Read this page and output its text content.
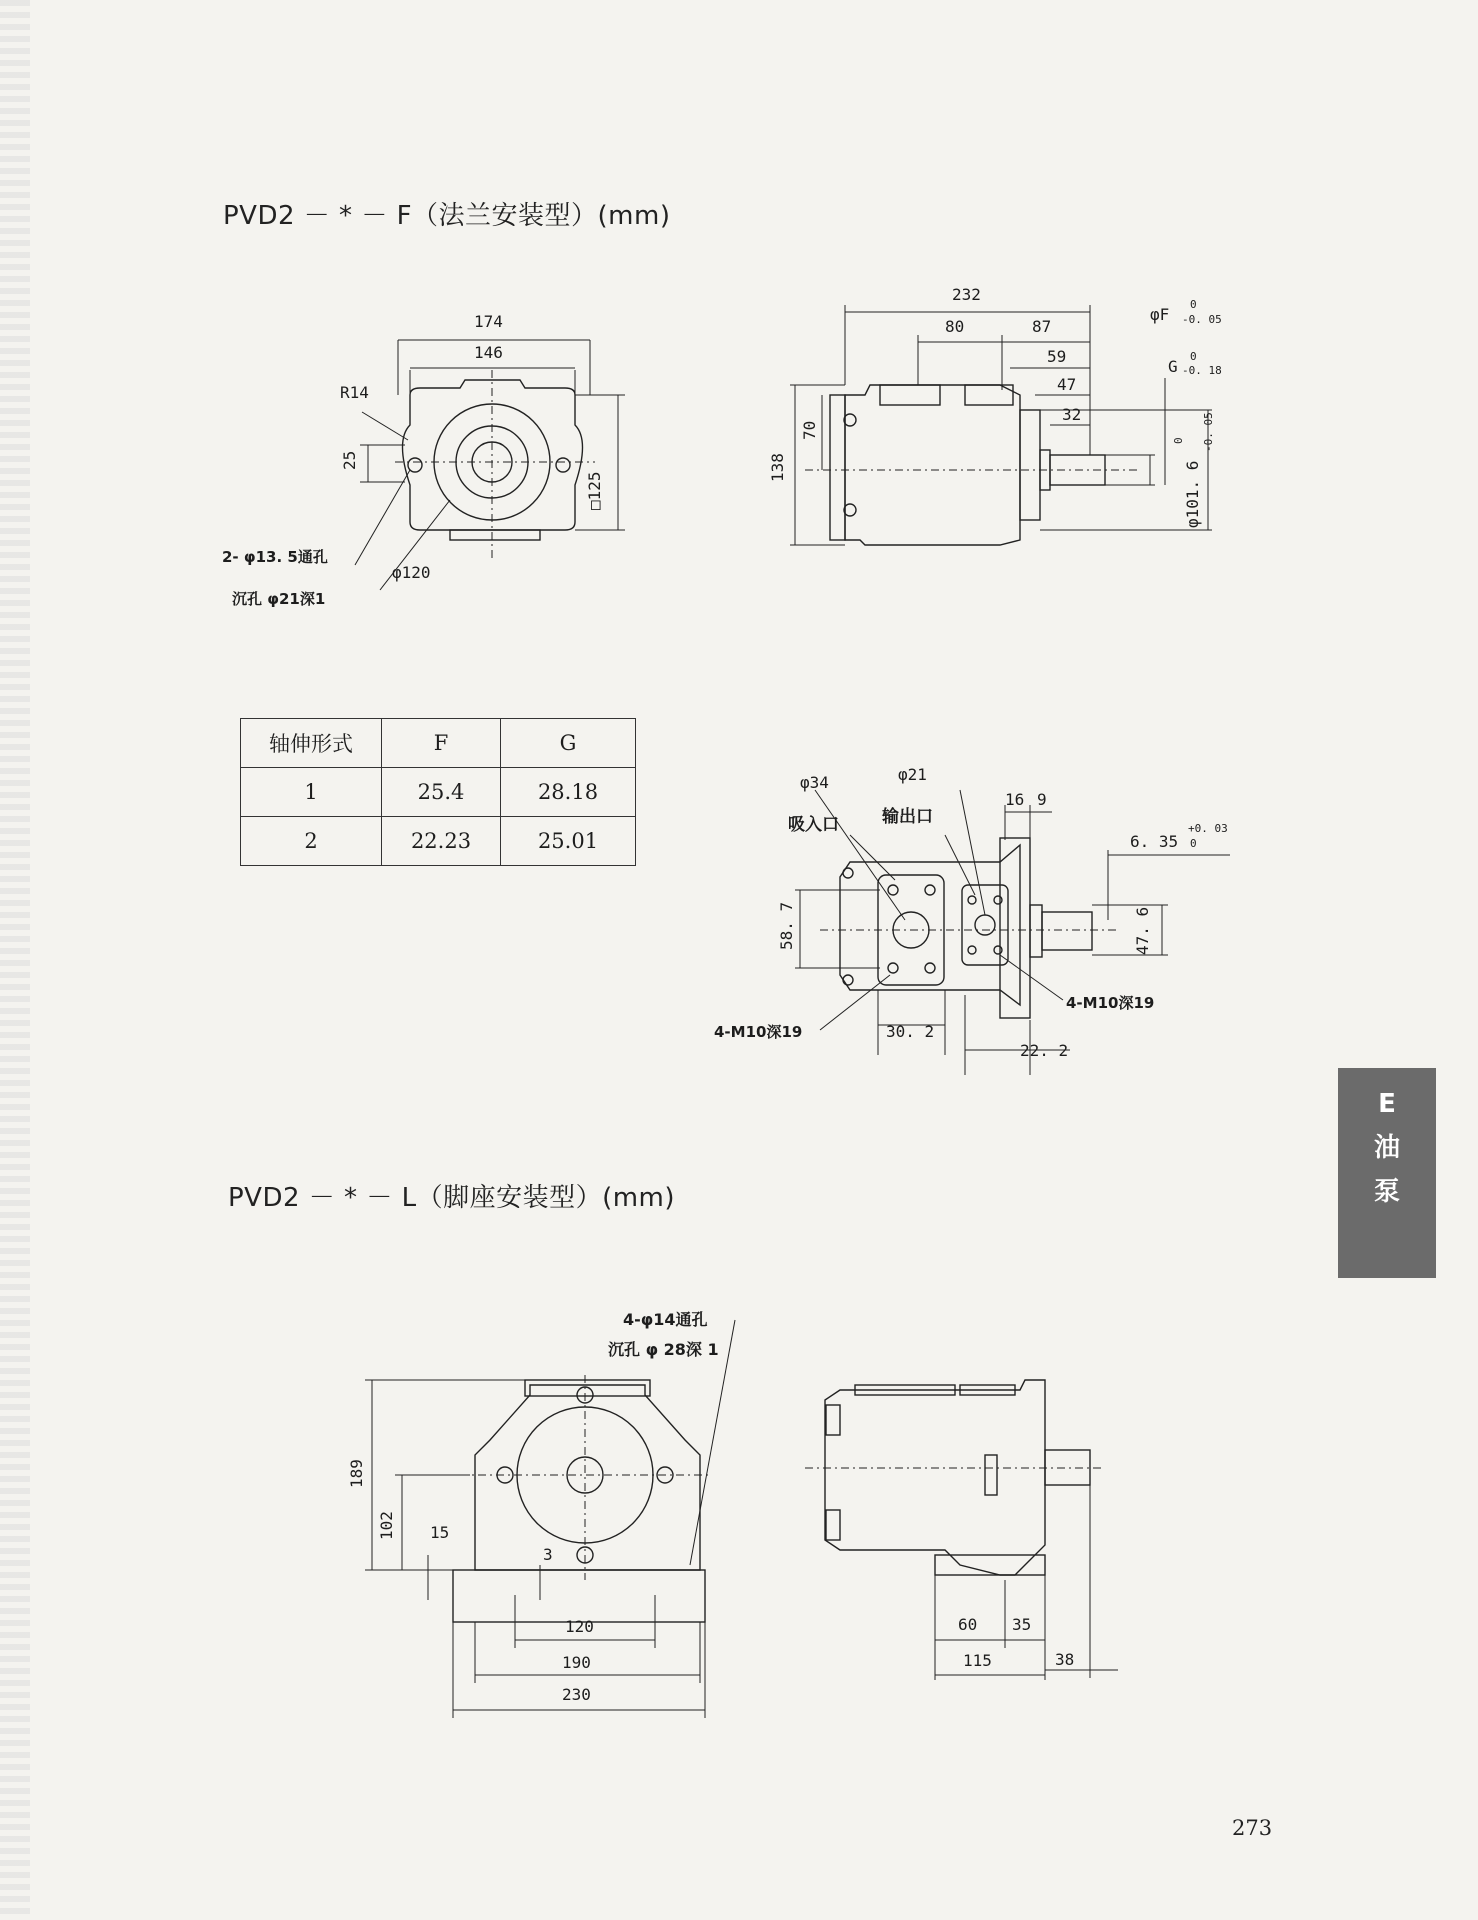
PVD2 － * － F（法兰安装型）(mm)
174
146
R14
25
□125
φ120
2- φ13. 5通孔
沉孔 φ21深1
232
80	87
59
47
32
70
138
φF
0
-0. 05
G
0
-0. 18
φ101. 6
0 -0. 05
φ34	φ21
吸入口	输出口
16 9
6. 35
+0. 03
0
58. 7	47. 6
4-M10深19
4-M10深19
30. 2
22. 2
4-φ14通孔
沉孔 φ 28深 1
189
102 15
3
120
190
230
60 35
115	38
轴伸形式	F	G
1	25.4	28.18
2	22.23	25.01
PVD2 － * － L（脚座安装型）(mm)
E
油
泵
273
